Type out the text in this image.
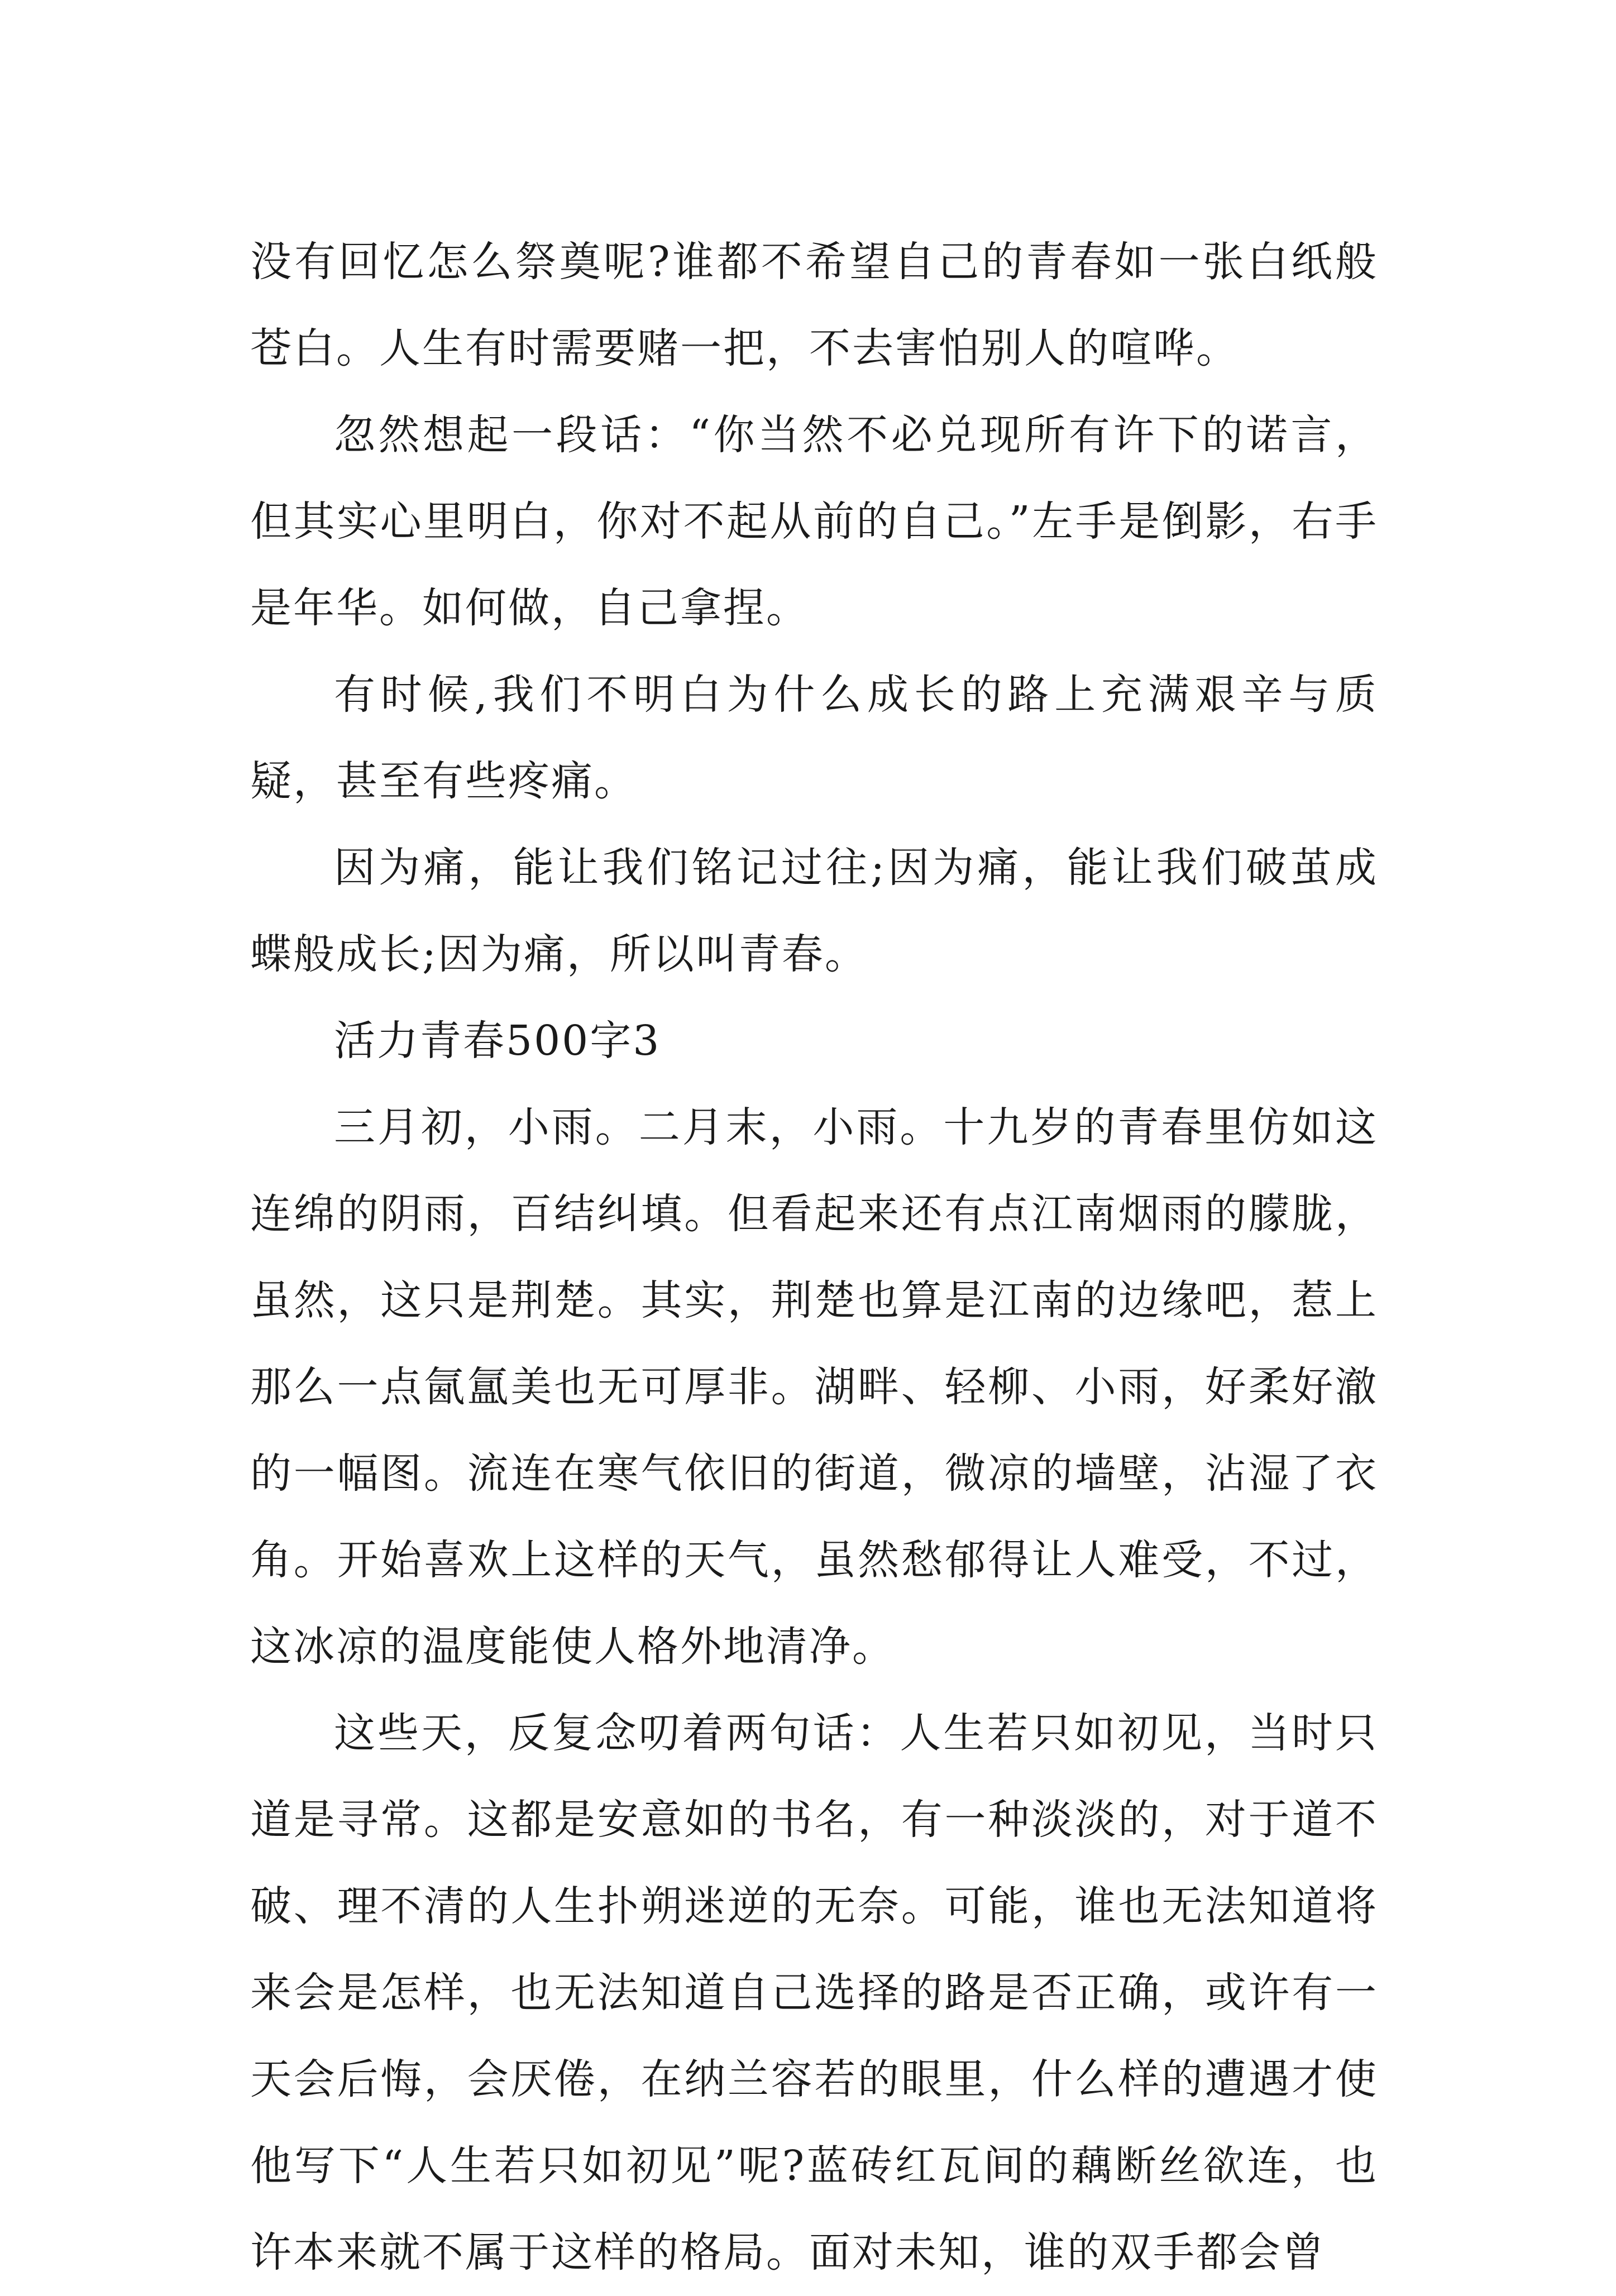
没有回忆怎么祭奠呢?谁都不希望自己的青春如一张白纸般苍白。人生有时需要赌一把，不去害怕别人的喧哗。

忽然想起一段话：“你当然不必兑现所有许下的诺言，但其实心里明白，你对不起从前的自己。”左手是倒影，右手是年华。如何做，自己拿捏。

有时候,我们不明白为什么成长的路上充满艰辛与质疑，甚至有些疼痛。

因为痛，能让我们铭记过往;因为痛，能让我们破茧成蝶般成长;因为痛，所以叫青春。

活力青春500字3

三月初，小雨。二月末，小雨。十九岁的青春里仿如这连绵的阴雨，百结纠填。但看起来还有点江南烟雨的朦胧，虽然，这只是荆楚。其实，荆楚也算是江南的边缘吧，惹上那么一点氤氲美也无可厚非。湖畔、轻柳、小雨，好柔好澈的一幅图。流连在寒气依旧的街道，微凉的墙壁，沾湿了衣角。开始喜欢上这样的天气，虽然愁郁得让人难受，不过，这冰凉的温度能使人格外地清净。

这些天，反复念叨着两句话：人生若只如初见，当时只道是寻常。这都是安意如的书名，有一种淡淡的，对于道不破、理不清的人生扑朔迷逆的无奈。可能，谁也无法知道将来会是怎样，也无法知道自己选择的路是否正确，或许有一天会后悔，会厌倦，在纳兰容若的眼里，什么样的遭遇才使他写下“人生若只如初见”呢?蓝砖红瓦间的藕断丝欲连，也许本来就不属于这样的格局。面对未知，谁的双手都会曾
